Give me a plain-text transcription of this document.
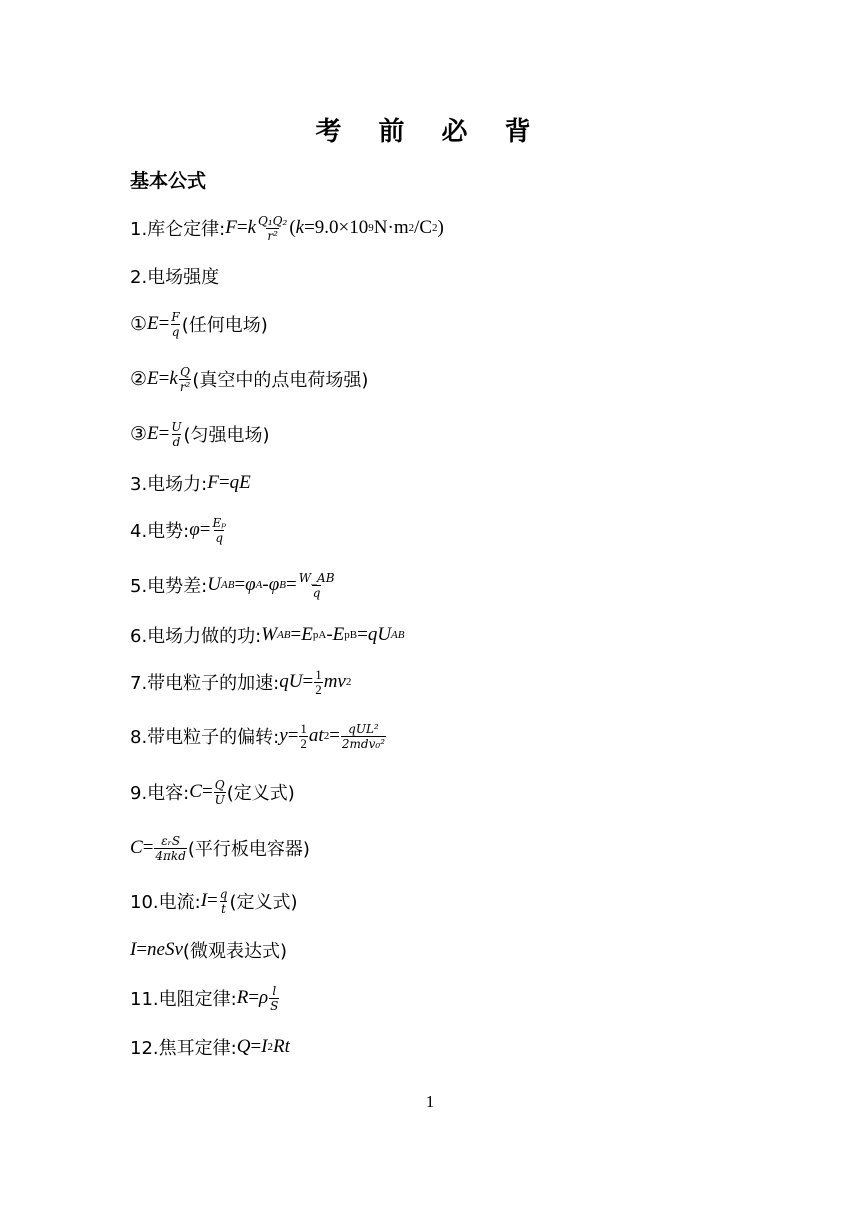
考 前 必 背
基本公式
1.库仑定律: F = k $\frac{\text{Q₁Q₂}}{\text{r²}}$ ( k =9.0×10 9 N·m 2 /C 2 )
2.电场强度
① $E = \frac{F}{q}$ (任何电场)
② E = k $\frac{Q}{\text{r²}}$ (真空中的点电荷场强)
③ $E = \frac{U}{d}$ (匀强电场)
3.电场力: F = qE
4.电势: $\varphi = \frac{\text{Eₚ}}{q}$
5.电势差: U AB = φ A - φ $B = \frac{W\_AB}{q}$
6.电场力做的功: W AB = E pA - E pB = qU AB
7.带电粒子的加速: qU = $\frac{1}{2}$ mv 2
8.带电粒子的偏转: $y = \frac{1}{2}$ at $2 = \frac{\text{qUL²}}{\text{2mdv₀²}}$
9.电容: $C = \frac{Q}{U}$ (定义式)
$C = \frac{\text{εᵣS}}{\text{4πkd}}$ (平行板电容器)
10.电流: $I = \frac{q}{t}$ (定义式)
I = neSv (微观表达式)
11.电阻定律: R = ρ $\frac{l}{S}$
12.焦耳定律: Q = I 2 Rt
1
